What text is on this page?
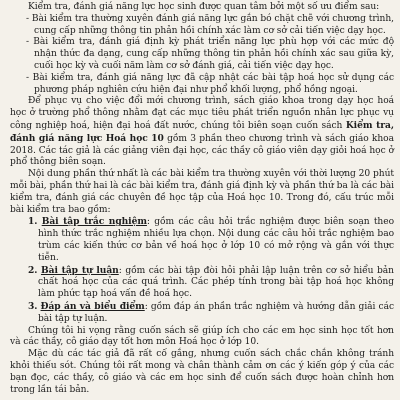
Kiểm tra, đánh giá năng lực học sinh được quan tâm bởi một số ưu điểm sau:

- Bài kiểm tra thường xuyên đánh giá năng lực gắn bó chặt chẽ với chương trình, cung cấp những thông tin phản hồi chính xác làm cơ sở cải tiến việc dạy học.

- Bài kiểm tra, đánh giá định kỳ phát triển năng lực phù hợp với các mức độ nhận thức đa dạng, cung cấp những thông tin phản hồi chính xác sau giữa kỳ, cuối học kỳ và cuối năm làm cơ sở đánh giá, cải tiến việc dạy học.

- Bài kiểm tra, đánh giá năng lực đã cập nhật các bài tập hoá học sử dụng các phương pháp nghiên cứu hiện đại như phổ khối lượng, phổ hồng ngoại.

Để phục vụ cho việc đổi mới chương trình, sách giáo khoa trong dạy học hoá học ở trường phổ thông nhằm đạt các mục tiêu phát triển nguồn nhân lực phục vụ công nghiệp hoá, hiện đại hoá đất nước, chúng tôi biên soạn cuốn sách Kiểm tra, đánh giá năng lực Hoá học 10 gồm 3 phần theo chương trình và sách giáo khoa 2018. Các tác giả là các giảng viên đại học, các thầy cô giáo viên dạy giỏi hoá học ở phổ thông biên soạn.

Nội dung phần thứ nhất là các bài kiểm tra thường xuyên với thời lượng 20 phút mỗi bài, phần thứ hai là các bài kiểm tra, đánh giá định kỳ và phần thứ ba là các bài kiểm tra, đánh giá các chuyên đề học tập của Hoá học 10. Trong đó, cấu trúc mỗi bài kiểm tra bao gồm:

1. Bài tập trắc nghiệm: gồm các câu hỏi trắc nghiệm được biên soạn theo hình thức trắc nghiệm nhiều lựa chọn. Nội dung các câu hỏi trắc nghiệm bao trùm các kiến thức cơ bản về hoá học ở lớp 10 có mở rộng và gắn với thực tiễn.

2. Bài tập tự luận: gồm các bài tập đòi hỏi phải lập luận trên cơ sở hiểu bản chất hoá học của các quá trình. Các phép tính trong bài tập hoá học không làm phức tạp hoá vấn đề hoá học.

3. Đáp án và biểu điểm: gồm đáp án phần trắc nghiệm và hướng dẫn giải các bài tập tự luận.

Chúng tôi hi vọng rằng cuốn sách sẽ giúp ích cho các em học sinh học tốt hơn và các thầy, cô giáo dạy tốt hơn môn Hoá học ở lớp 10.

Mặc dù các tác giả đã rất cố gắng, nhưng cuốn sách chắc chắn không tránh khỏi thiếu sót. Chúng tôi rất mong và chân thành cảm ơn các ý kiến góp ý của các bạn đọc, các thầy, cô giáo và các em học sinh để cuốn sách được hoàn chỉnh hơn trong lần tái bản.
